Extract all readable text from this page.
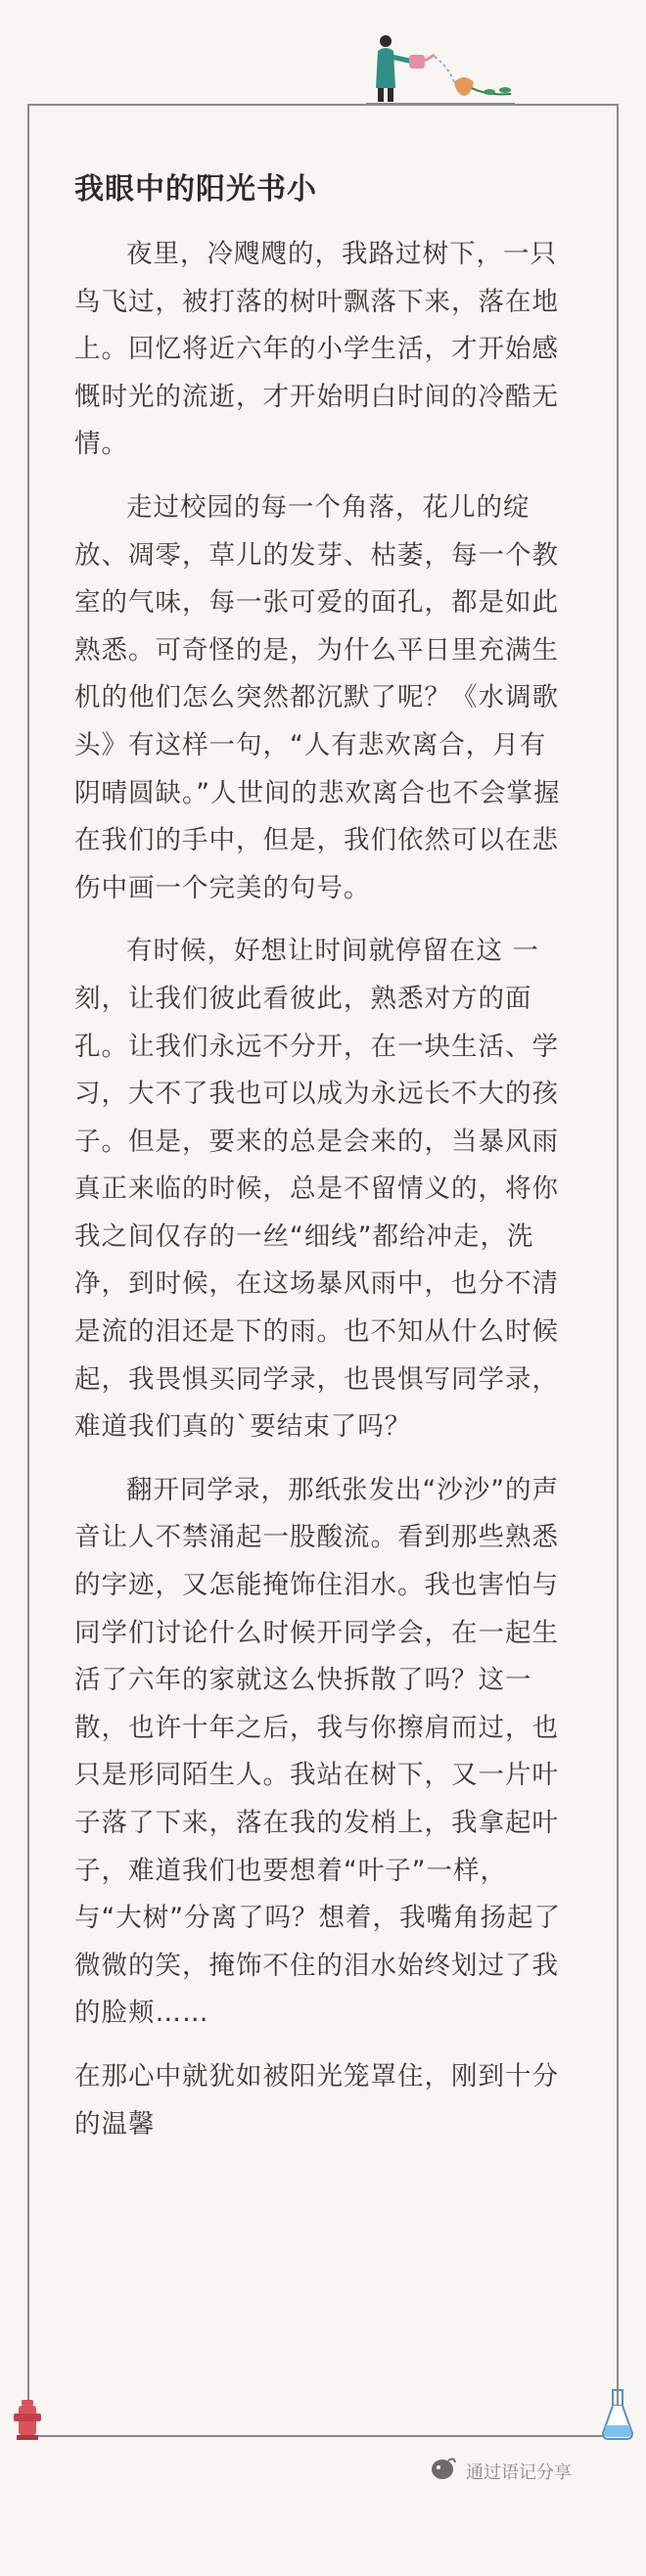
我眼中的阳光书小

夜里，冷飕飕的，我路过树下，一只鸟飞过，被打落的树叶飘落下来，落在地上。回忆将近六年的小学生活，才开始感慨时光的流逝，才开始明白时间的冷酷无情。

走过校园的每一个角落，花儿的绽放、凋零，草儿的发芽、枯萎，每一个教室的气味，每一张可爱的面孔，都是如此熟悉。可奇怪的是，为什么平日里充满生机的他们怎么突然都沉默了呢？《水调歌头》有这样一句，“人有悲欢离合，月有阴晴圆缺。”人世间的悲欢离合也不会掌握在我们的手中，但是，我们依然可以在悲伤中画一个完美的句号。

有时候，好想让时间就停留在这 一刻，让我们彼此看彼此，熟悉对方的面孔。让我们永远不分开，在一块生活、学习，大不了我也可以成为永远长不大的孩子。但是，要来的总是会来的，当暴风雨真正来临的时候，总是不留情义的，将你我之间仅存的一丝“细线”都给冲走，洗净，到时候，在这场暴风雨中，也分不清是流的泪还是下的雨。也不知从什么时候起，我畏惧买同学录，也畏惧写同学录，难道我们真的`要结束了吗？

翻开同学录，那纸张发出“沙沙”的声音让人不禁涌起一股酸流。看到那些熟悉的字迹，又怎能掩饰住泪水。我也害怕与同学们讨论什么时候开同学会，在一起生活了六年的家就这么快拆散了吗？这一散，也许十年之后，我与你擦肩而过，也只是形同陌生人。我站在树下，又一片叶子落了下来，落在我的发梢上，我拿起叶子，难道我们也要想着“叶子”一样，与“大树”分离了吗？想着，我嘴角扬起了微微的笑，掩饰不住的泪水始终划过了我的脸颊……

在那心中就犹如被阳光笼罩住，刚到十分的温馨

通过语记分享
